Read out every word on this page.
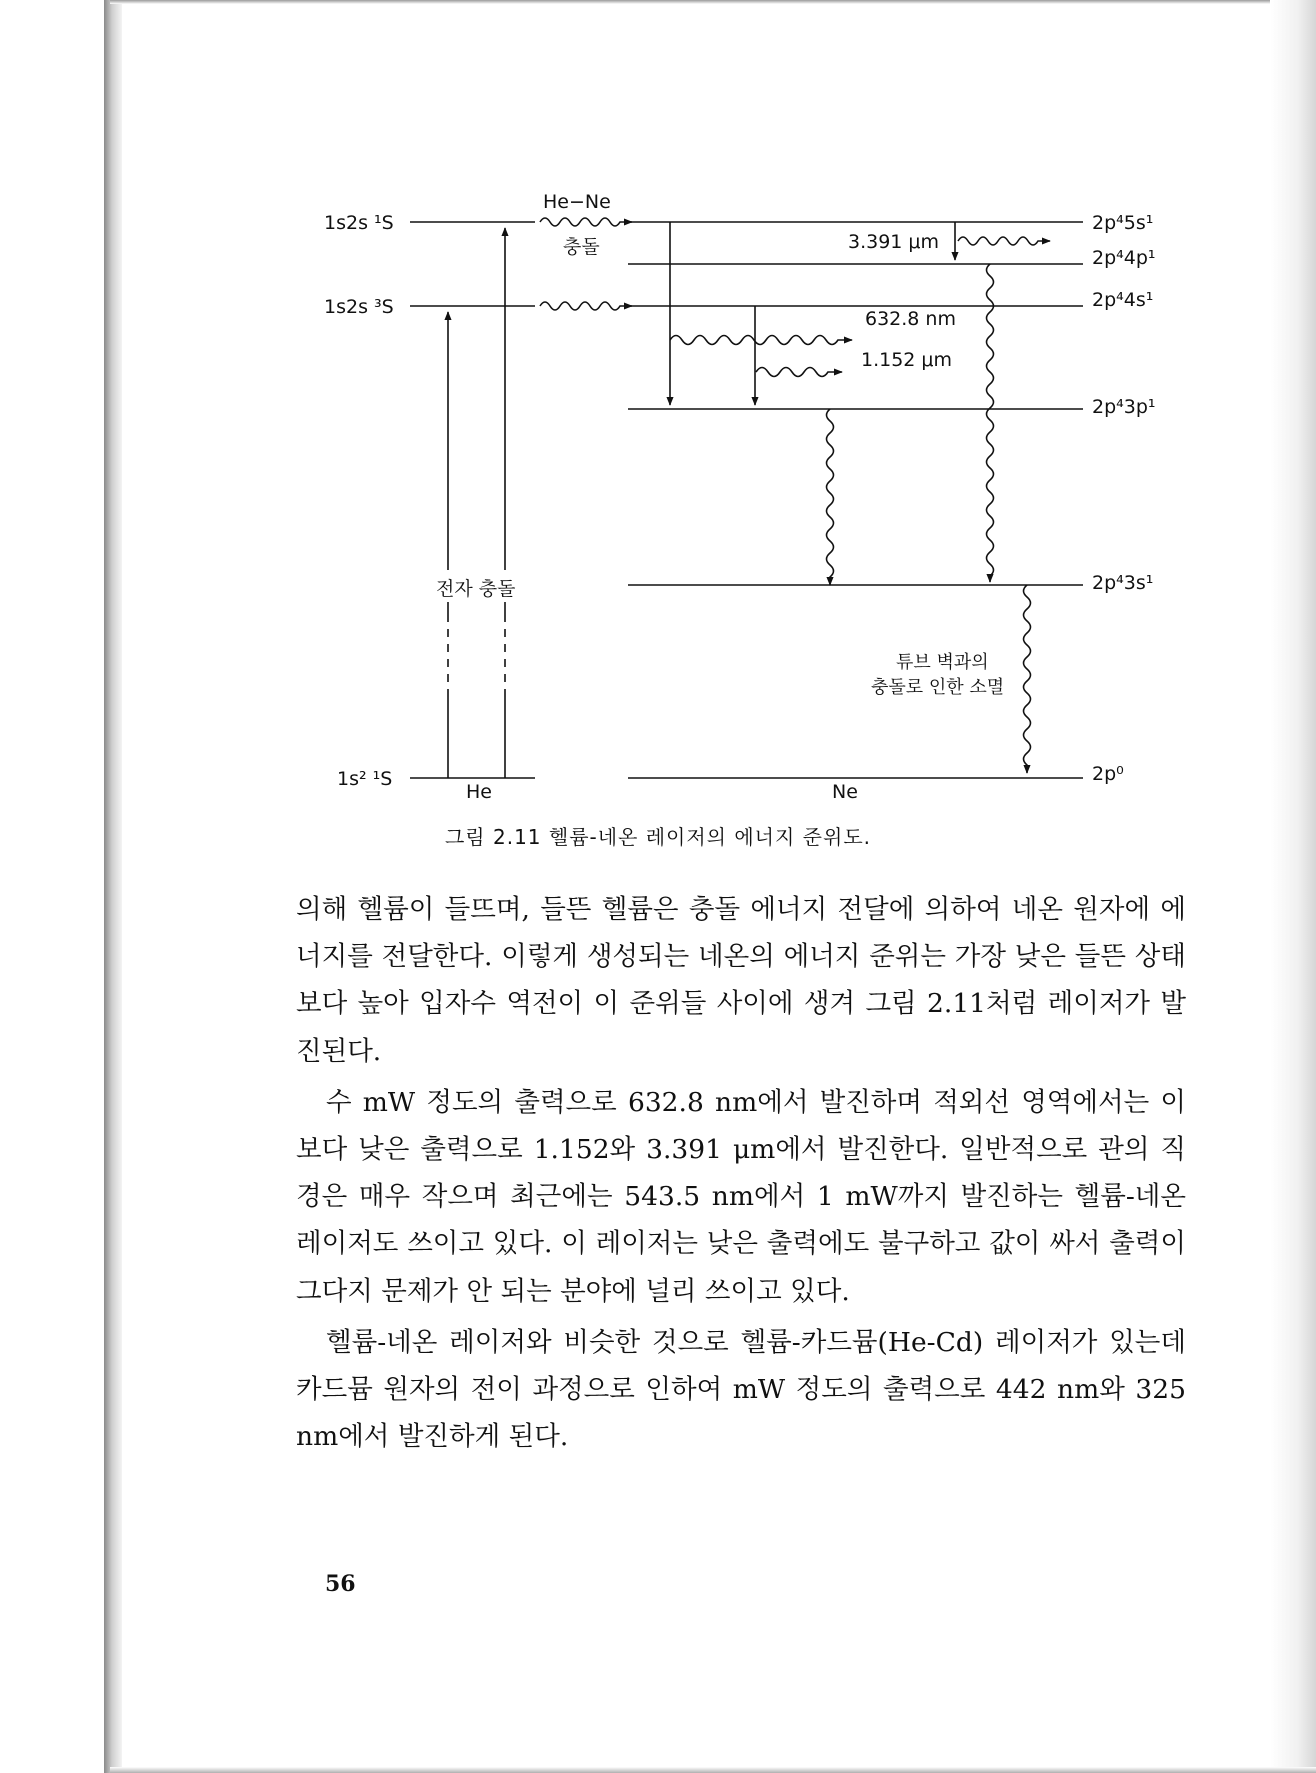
1s2s ¹S
1s2s ³S
1s² ¹S
2p⁴5s¹
2p⁴4p¹
2p⁴4s¹
2p⁴3p¹
2p⁴3s¹
2p⁰
He	Ne
전자 충돌
He−Ne
충돌	3.391 μm
632.8 nm
1.152 μm
튜브 벽과의
충돌로 인한 소멸
그림 2.11 헬륨-네온 레이저의 에너지 준위도.

의해 헬륨이 들뜨며, 들뜬 헬륨은 충돌 에너지 전달에 의하여 네온 원자에 에너지를 전달한다. 이렇게 생성되는 네온의 에너지 준위는 가장 낮은 들뜬 상태보다 높아 입자수 역전이 이 준위들 사이에 생겨 그림 2.11처럼 레이저가 발진된다.

수 mW 정도의 출력으로 632.8 nm에서 발진하며 적외선 영역에서는 이보다 낮은 출력으로 1.152와 3.391 μm에서 발진한다. 일반적으로 관의 직경은 매우 작으며 최근에는 543.5 nm에서 1 mW까지 발진하는 헬륨-네온 레이저도 쓰이고 있다. 이 레이저는 낮은 출력에도 불구하고 값이 싸서 출력이 그다지 문제가 안 되는 분야에 널리 쓰이고 있다.

헬륨-네온 레이저와 비슷한 것으로 헬륨-카드뮴(He-Cd) 레이저가 있는데 카드뮴 원자의 전이 과정으로 인하여 mW 정도의 출력으로 442 nm와 325 nm에서 발진하게 된다.

56
